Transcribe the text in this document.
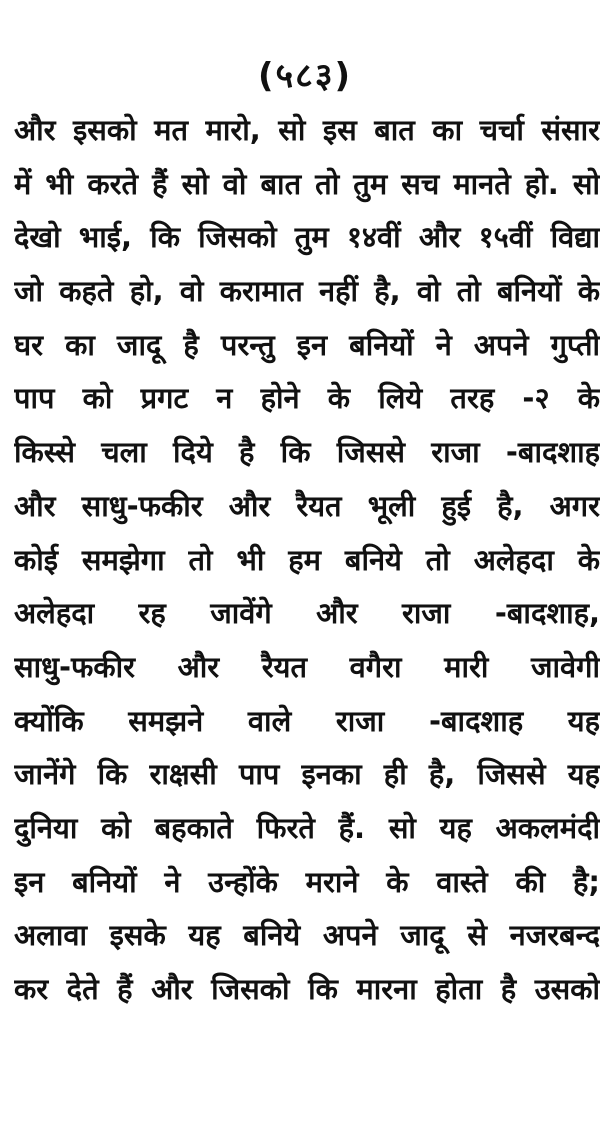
(५८३)
और इसको मत मारो, सो इस बात का चर्चा संसार
में भी करते हैं सो वो बात तो तुम सच मानते हो. सो
देखो भाई, कि जिसको तुम १४वीं और १५वीं विद्या
जो कहते हो, वो करामात नहीं है, वो तो बनियों के
घर का जादू है परन्तु इन बनियों ने अपने गुप्ती
पाप को प्रगट न होने के लिये तरह -२ के
किस्से चला दिये है कि जिससे राजा -बादशाह
और साधु-फकीर और रैयत भूली हुई है, अगर
कोई समझेगा तो भी हम बनिये तो अलेहदा के
अलेहदा रह जावेंगे और राजा -बादशाह,
साधु-फकीर और रैयत वगैरा मारी जावेगी
क्योंकि समझने वाले राजा -बादशाह यह
जानेंगे कि राक्षसी पाप इनका ही है, जिससे यह
दुनिया को बहकाते फिरते हैं. सो यह अकलमंदी
इन बनियों ने उन्होंके मराने के वास्ते की है;
अलावा इसके यह बनिये अपने जादू से नजरबन्द
कर देते हैं और जिसको कि मारना होता है उसको
